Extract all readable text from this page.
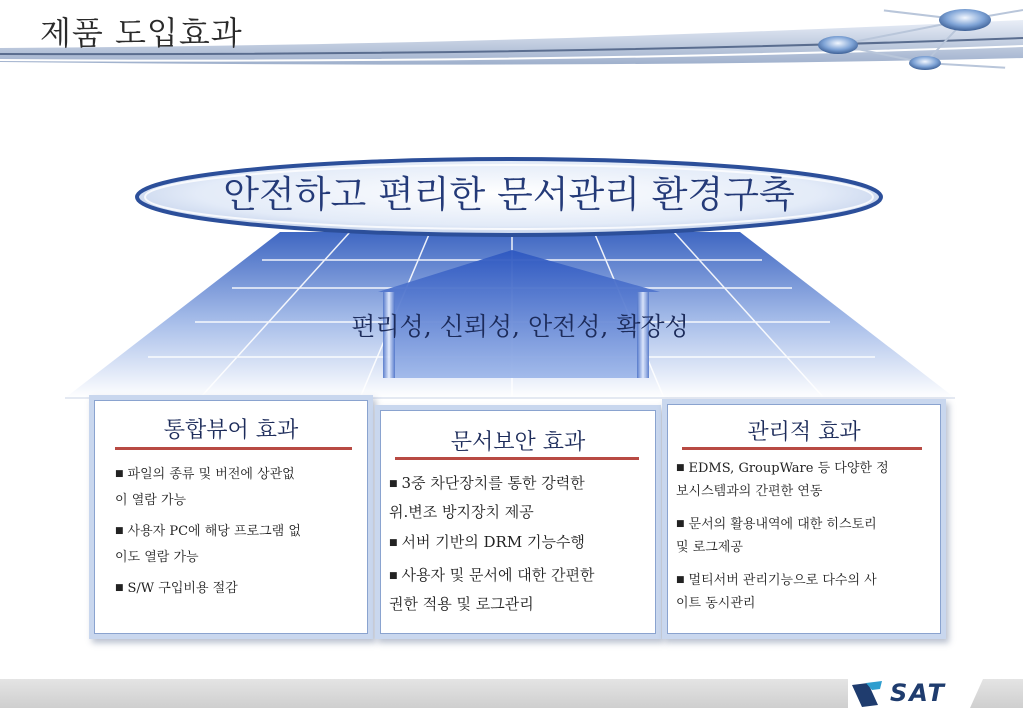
제품 도입효과
안전하고 편리한 문서관리 환경구축
편리성, 신뢰성, 안전성, 확장성
통합뷰어 효과
■ 파일의 종류 및 버전에 상관없
이 열람 가능
■ 사용자 PC에 해당 프로그램 없
이도 열람 가능
■ S/W 구입비용 절감
문서보안 효과
■ 3중 차단장치를 통한 강력한
위.변조 방지장치 제공
■ 서버 기반의 DRM 기능수행
■ 사용자 및 문서에 대한 간편한
권한 적용 및 로그관리
관리적 효과
■ EDMS, GroupWare 등 다양한 정
보시스템과의 간편한 연동
■ 문서의 활용내역에 대한 히스토리
및 로그제공
■ 멀티서버 관리기능으로 다수의 사
이트 동시관리
SAT
